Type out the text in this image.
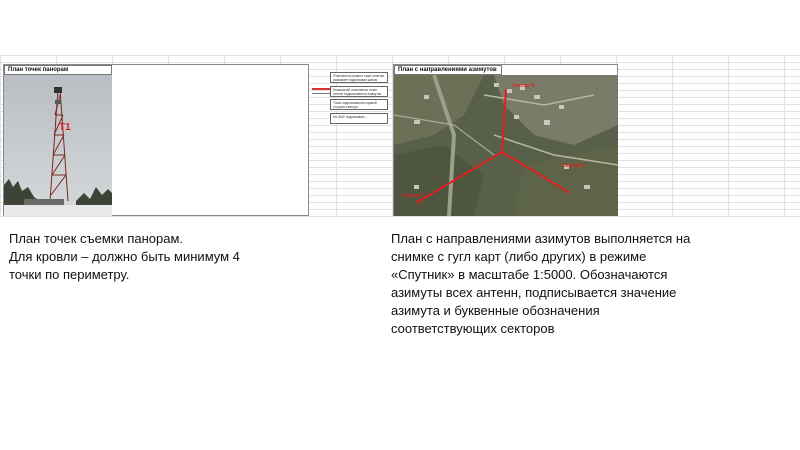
План точек панорам
Т1
Отмечается правого ниже отметки указывает подписывая шагом
Немасштаб отмечается точки антенн подписывается азимутов
Точки подписываются правой стороны сектора
На АМС подписывать ...
План с направлениями азимутов
Сектор A
Сектор B
Сектор C
План точек съемки панорам.
Для кровли – должно быть минимум 4
точки по периметру.
План с направлениями азимутов выполняется на
снимке с гугл карт (либо других) в режиме
«Спутник» в масштабе 1:5000. Обозначаются
азимуты всех антенн, подписывается значение
азимута и буквенные обозначения
соответствующих секторов
